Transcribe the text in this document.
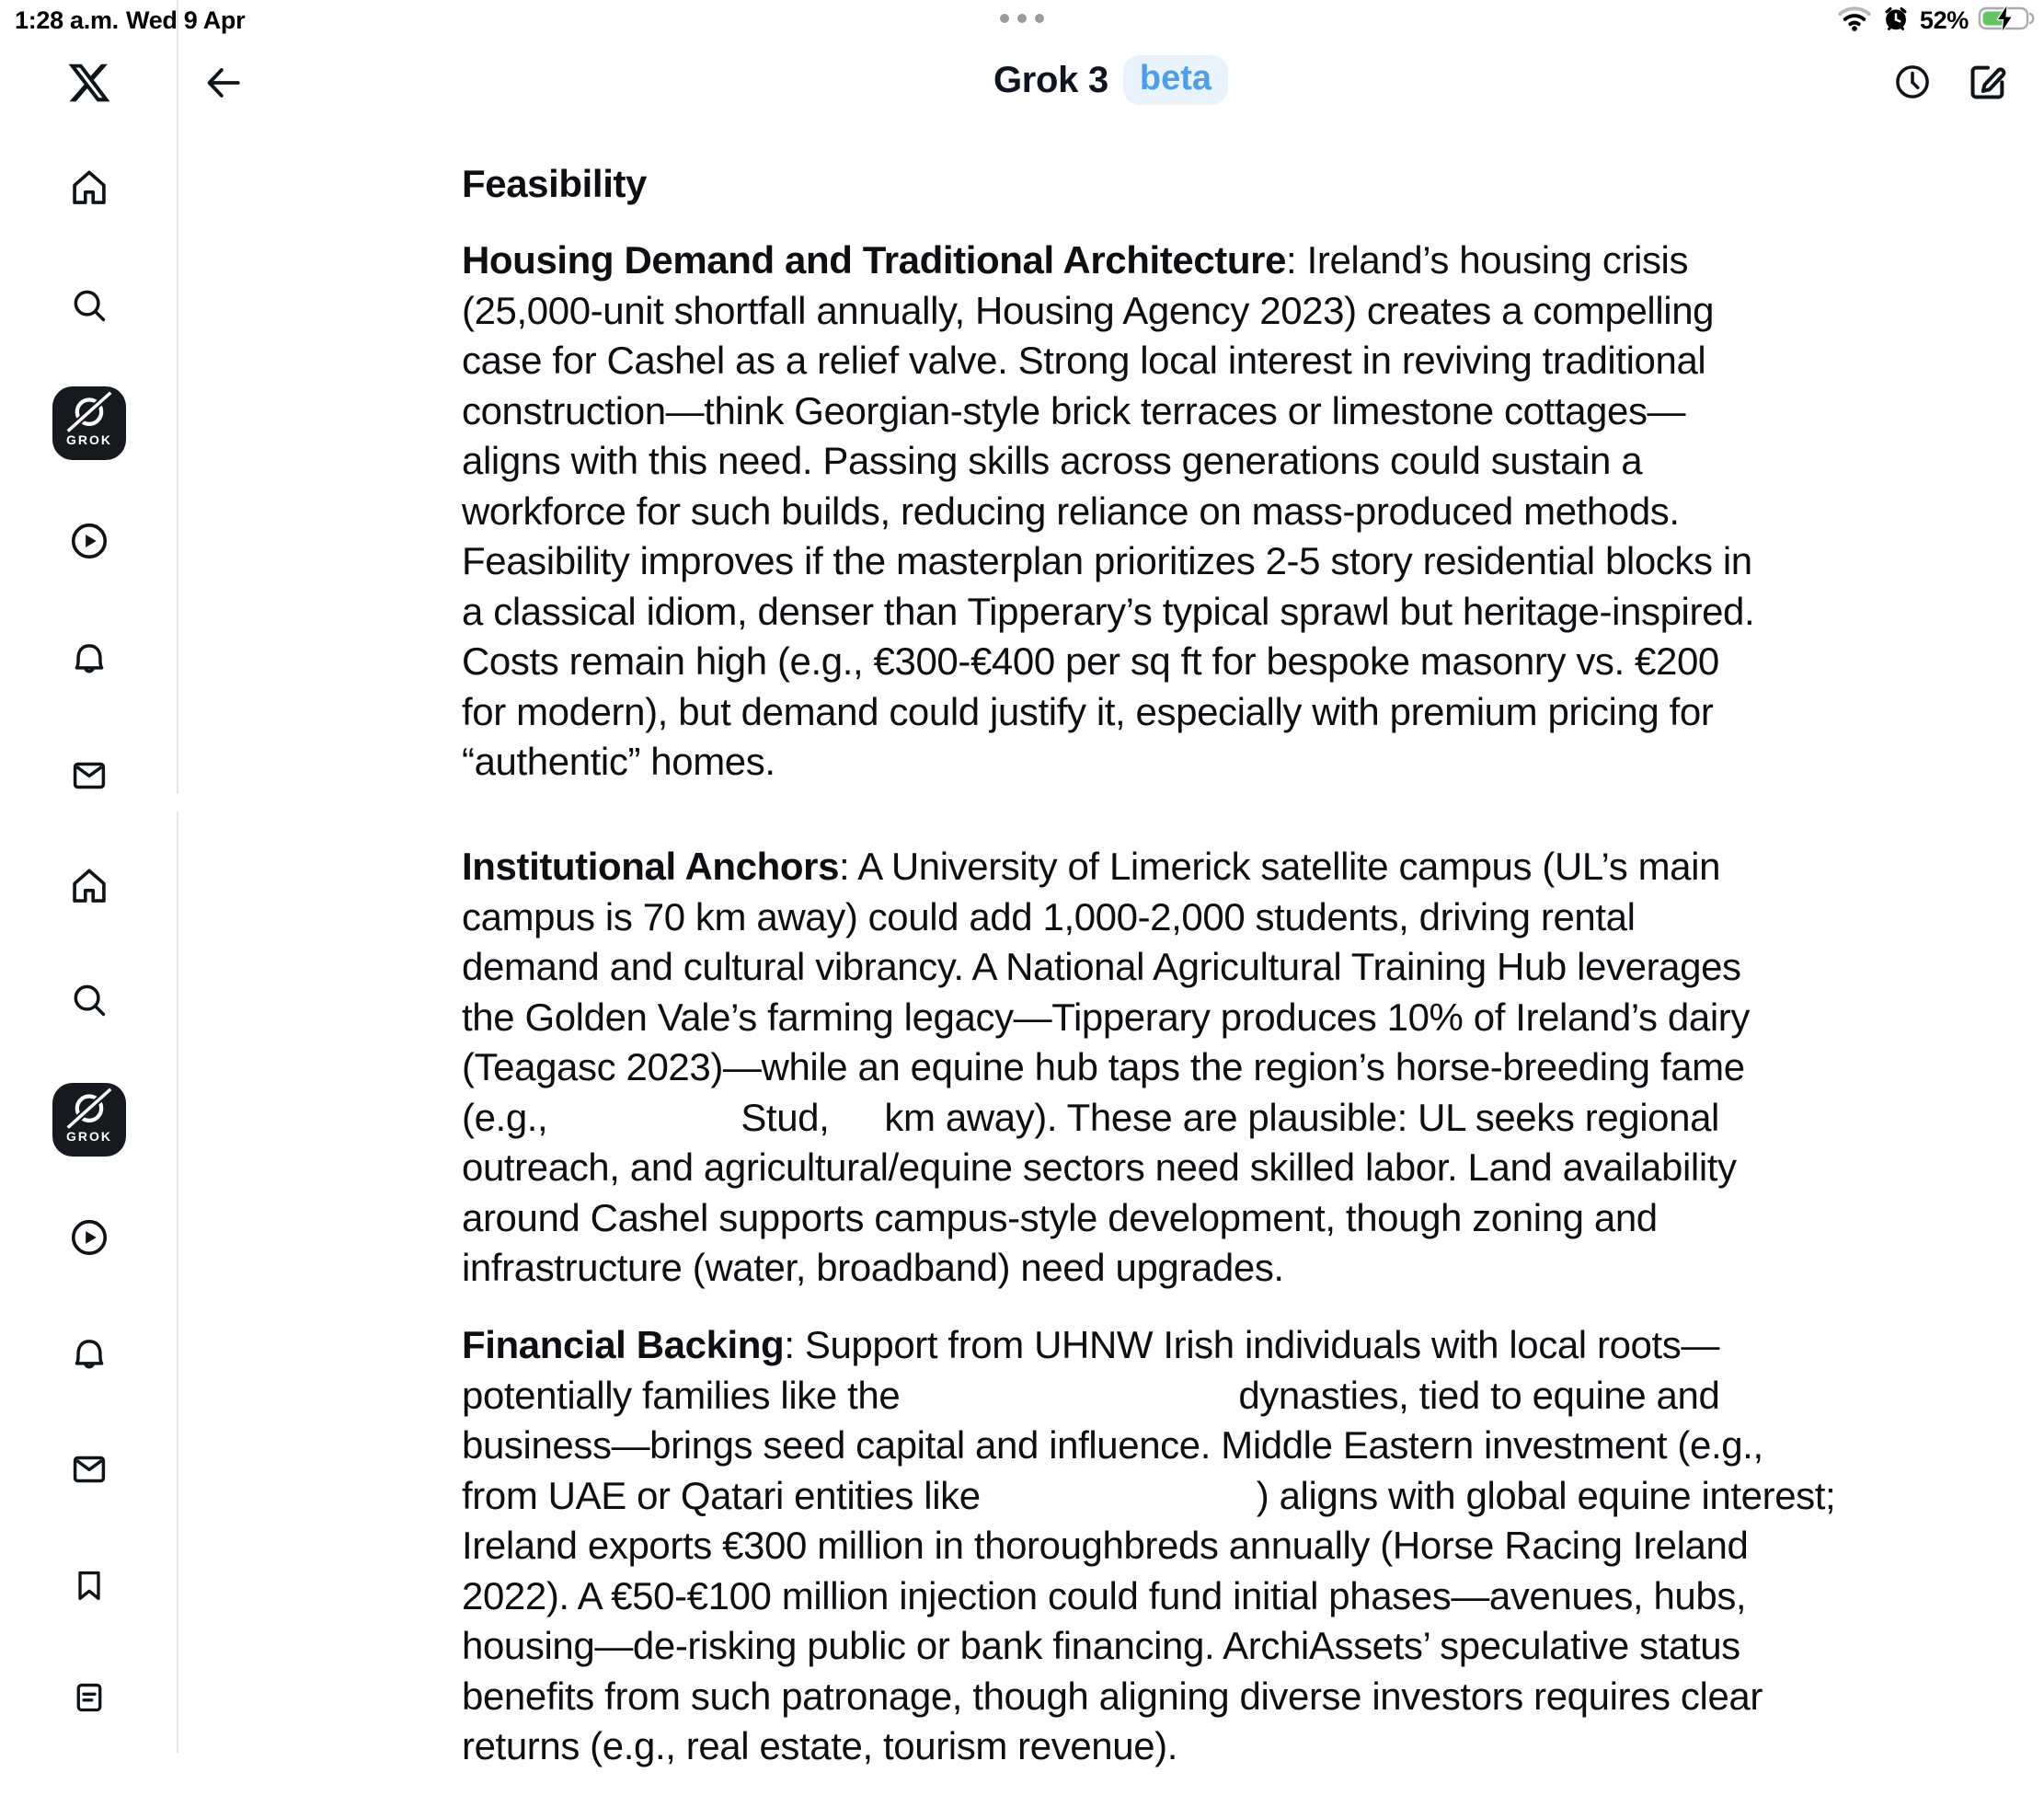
1:28 a.m. Wed 9 Apr	52%
GROK
GROK
Grok 3 beta
Feasibility
Housing Demand and Traditional Architecture: Ireland’s housing crisis
(25,000-unit shortfall annually, Housing Agency 2023) creates a compelling
case for Cashel as a relief valve. Strong local interest in reviving traditional
construction—think Georgian-style brick terraces or limestone cottages—
aligns with this need. Passing skills across generations could sustain a
workforce for such builds, reducing reliance on mass-produced methods.
Feasibility improves if the masterplan prioritizes 2-5 story residential blocks in
a classical idiom, denser than Tipperary’s typical sprawl but heritage-inspired.
Costs remain high (e.g., €300-€400 per sq ft for bespoke masonry vs. €200
for modern), but demand could justify it, especially with premium pricing for
“authentic” homes.
Institutional Anchors: A University of Limerick satellite campus (UL’s main
campus is 70 km away) could add 1,000-2,000 students, driving rental
demand and cultural vibrancy. A National Agricultural Training Hub leverages
the Golden Vale’s farming legacy—Tipperary produces 10% of Ireland’s dairy
(Teagasc 2023)—while an equine hub taps the region’s horse-breeding fame
(e.g.,	Stud, km away). These are plausible: UL seeks regional
outreach, and agricultural/equine sectors need skilled labor. Land availability
around Cashel supports campus-style development, though zoning and
infrastructure (water, broadband) need upgrades.
Financial Backing: Support from UHNW Irish individuals with local roots—
potentially families like the	dynasties, tied to equine and
business—brings seed capital and influence. Middle Eastern investment (e.g.,
from UAE or Qatari entities like	) aligns with global equine interest;
Ireland exports €300 million in thoroughbreds annually (Horse Racing Ireland
2022). A €50-€100 million injection could fund initial phases—avenues, hubs,
housing—de-risking public or bank financing. ArchiAssets’ speculative status
benefits from such patronage, though aligning diverse investors requires clear
returns (e.g., real estate, tourism revenue).
